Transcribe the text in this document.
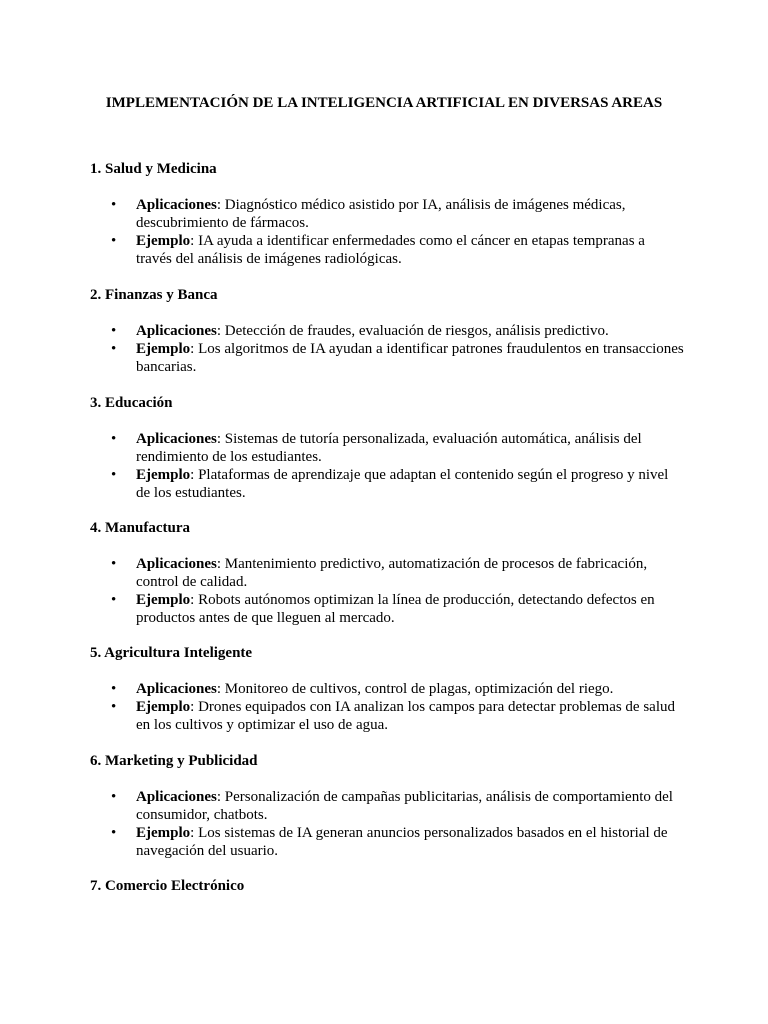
IMPLEMENTACIÓN DE LA INTELIGENCIA ARTIFICIAL EN DIVERSAS AREAS
1. Salud y Medicina
• Aplicaciones: Diagnóstico médico asistido por IA, análisis de imágenes médicas, descubrimiento de fármacos.
• Ejemplo: IA ayuda a identificar enfermedades como el cáncer en etapas tempranas a través del análisis de imágenes radiológicas.
2. Finanzas y Banca
• Aplicaciones: Detección de fraudes, evaluación de riesgos, análisis predictivo.
• Ejemplo: Los algoritmos de IA ayudan a identificar patrones fraudulentos en transacciones bancarias.
3. Educación
• Aplicaciones: Sistemas de tutoría personalizada, evaluación automática, análisis del rendimiento de los estudiantes.
• Ejemplo: Plataformas de aprendizaje que adaptan el contenido según el progreso y nivel de los estudiantes.
4. Manufactura
• Aplicaciones: Mantenimiento predictivo, automatización de procesos de fabricación, control de calidad.
• Ejemplo: Robots autónomos optimizan la línea de producción, detectando defectos en productos antes de que lleguen al mercado.
5. Agricultura Inteligente
• Aplicaciones: Monitoreo de cultivos, control de plagas, optimización del riego.
• Ejemplo: Drones equipados con IA analizan los campos para detectar problemas de salud en los cultivos y optimizar el uso de agua.
6. Marketing y Publicidad
• Aplicaciones: Personalización de campañas publicitarias, análisis de comportamiento del consumidor, chatbots.
• Ejemplo: Los sistemas de IA generan anuncios personalizados basados en el historial de navegación del usuario.
7. Comercio Electrónico
